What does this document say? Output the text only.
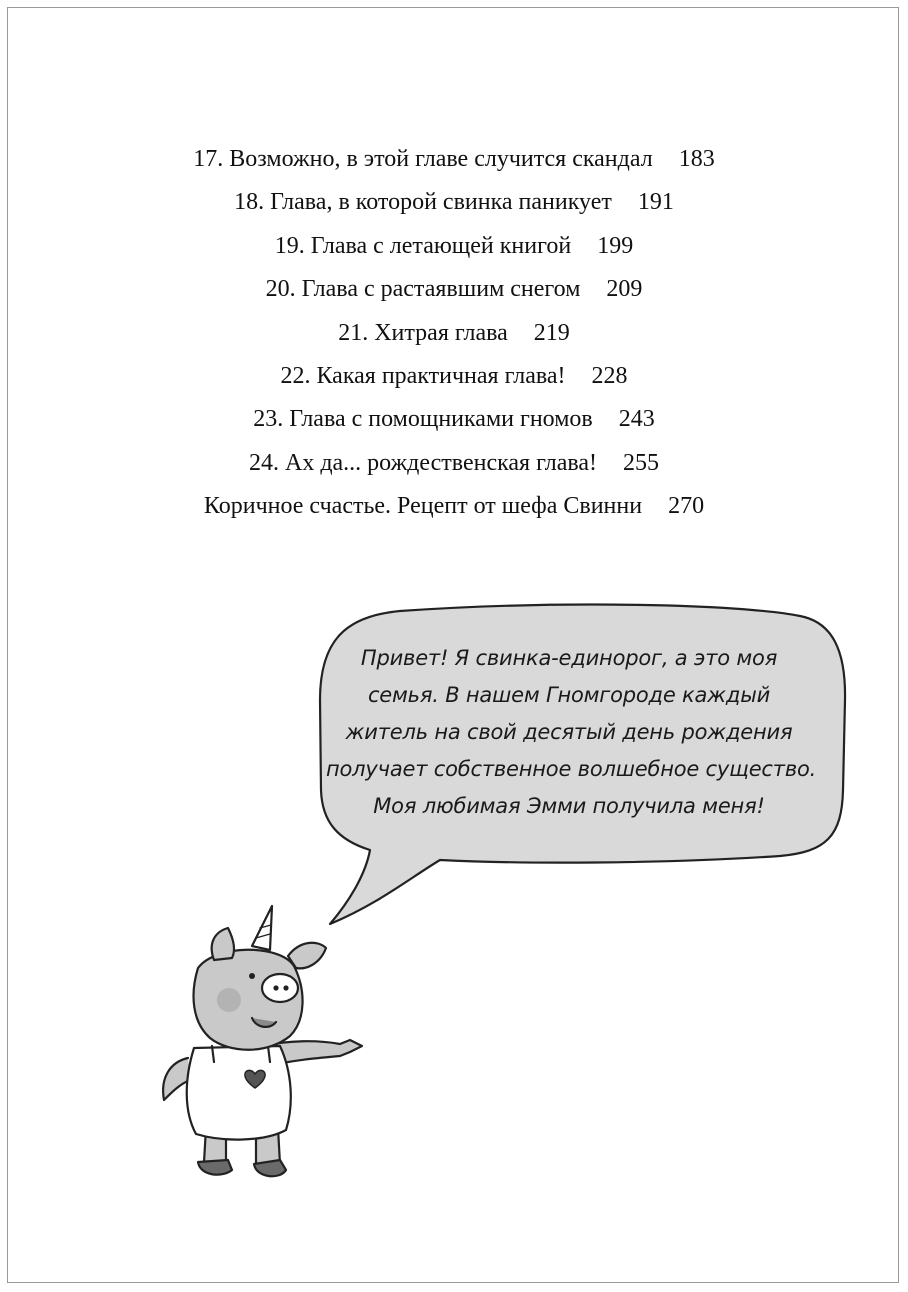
17. Возможно, в этой главе случится скандал 183
18. Глава, в которой свинка паникует 191
19. Глава с летающей книгой 199
20. Глава с растаявшим снегом 209
21. Хитрая глава 219
22. Какая практичная глава! 228
23. Глава с помощниками гномов 243
24. Ах да... рождественская глава! 255
Коричное счастье. Рецепт от шефа Свинни 270
Привет! Я свинка-единорог, а это моя
семья. В нашем Гномгороде каждый
житель на свой десятый день рождения
получает собственное волшебное существо.
Моя любимая Эмми получила меня!
